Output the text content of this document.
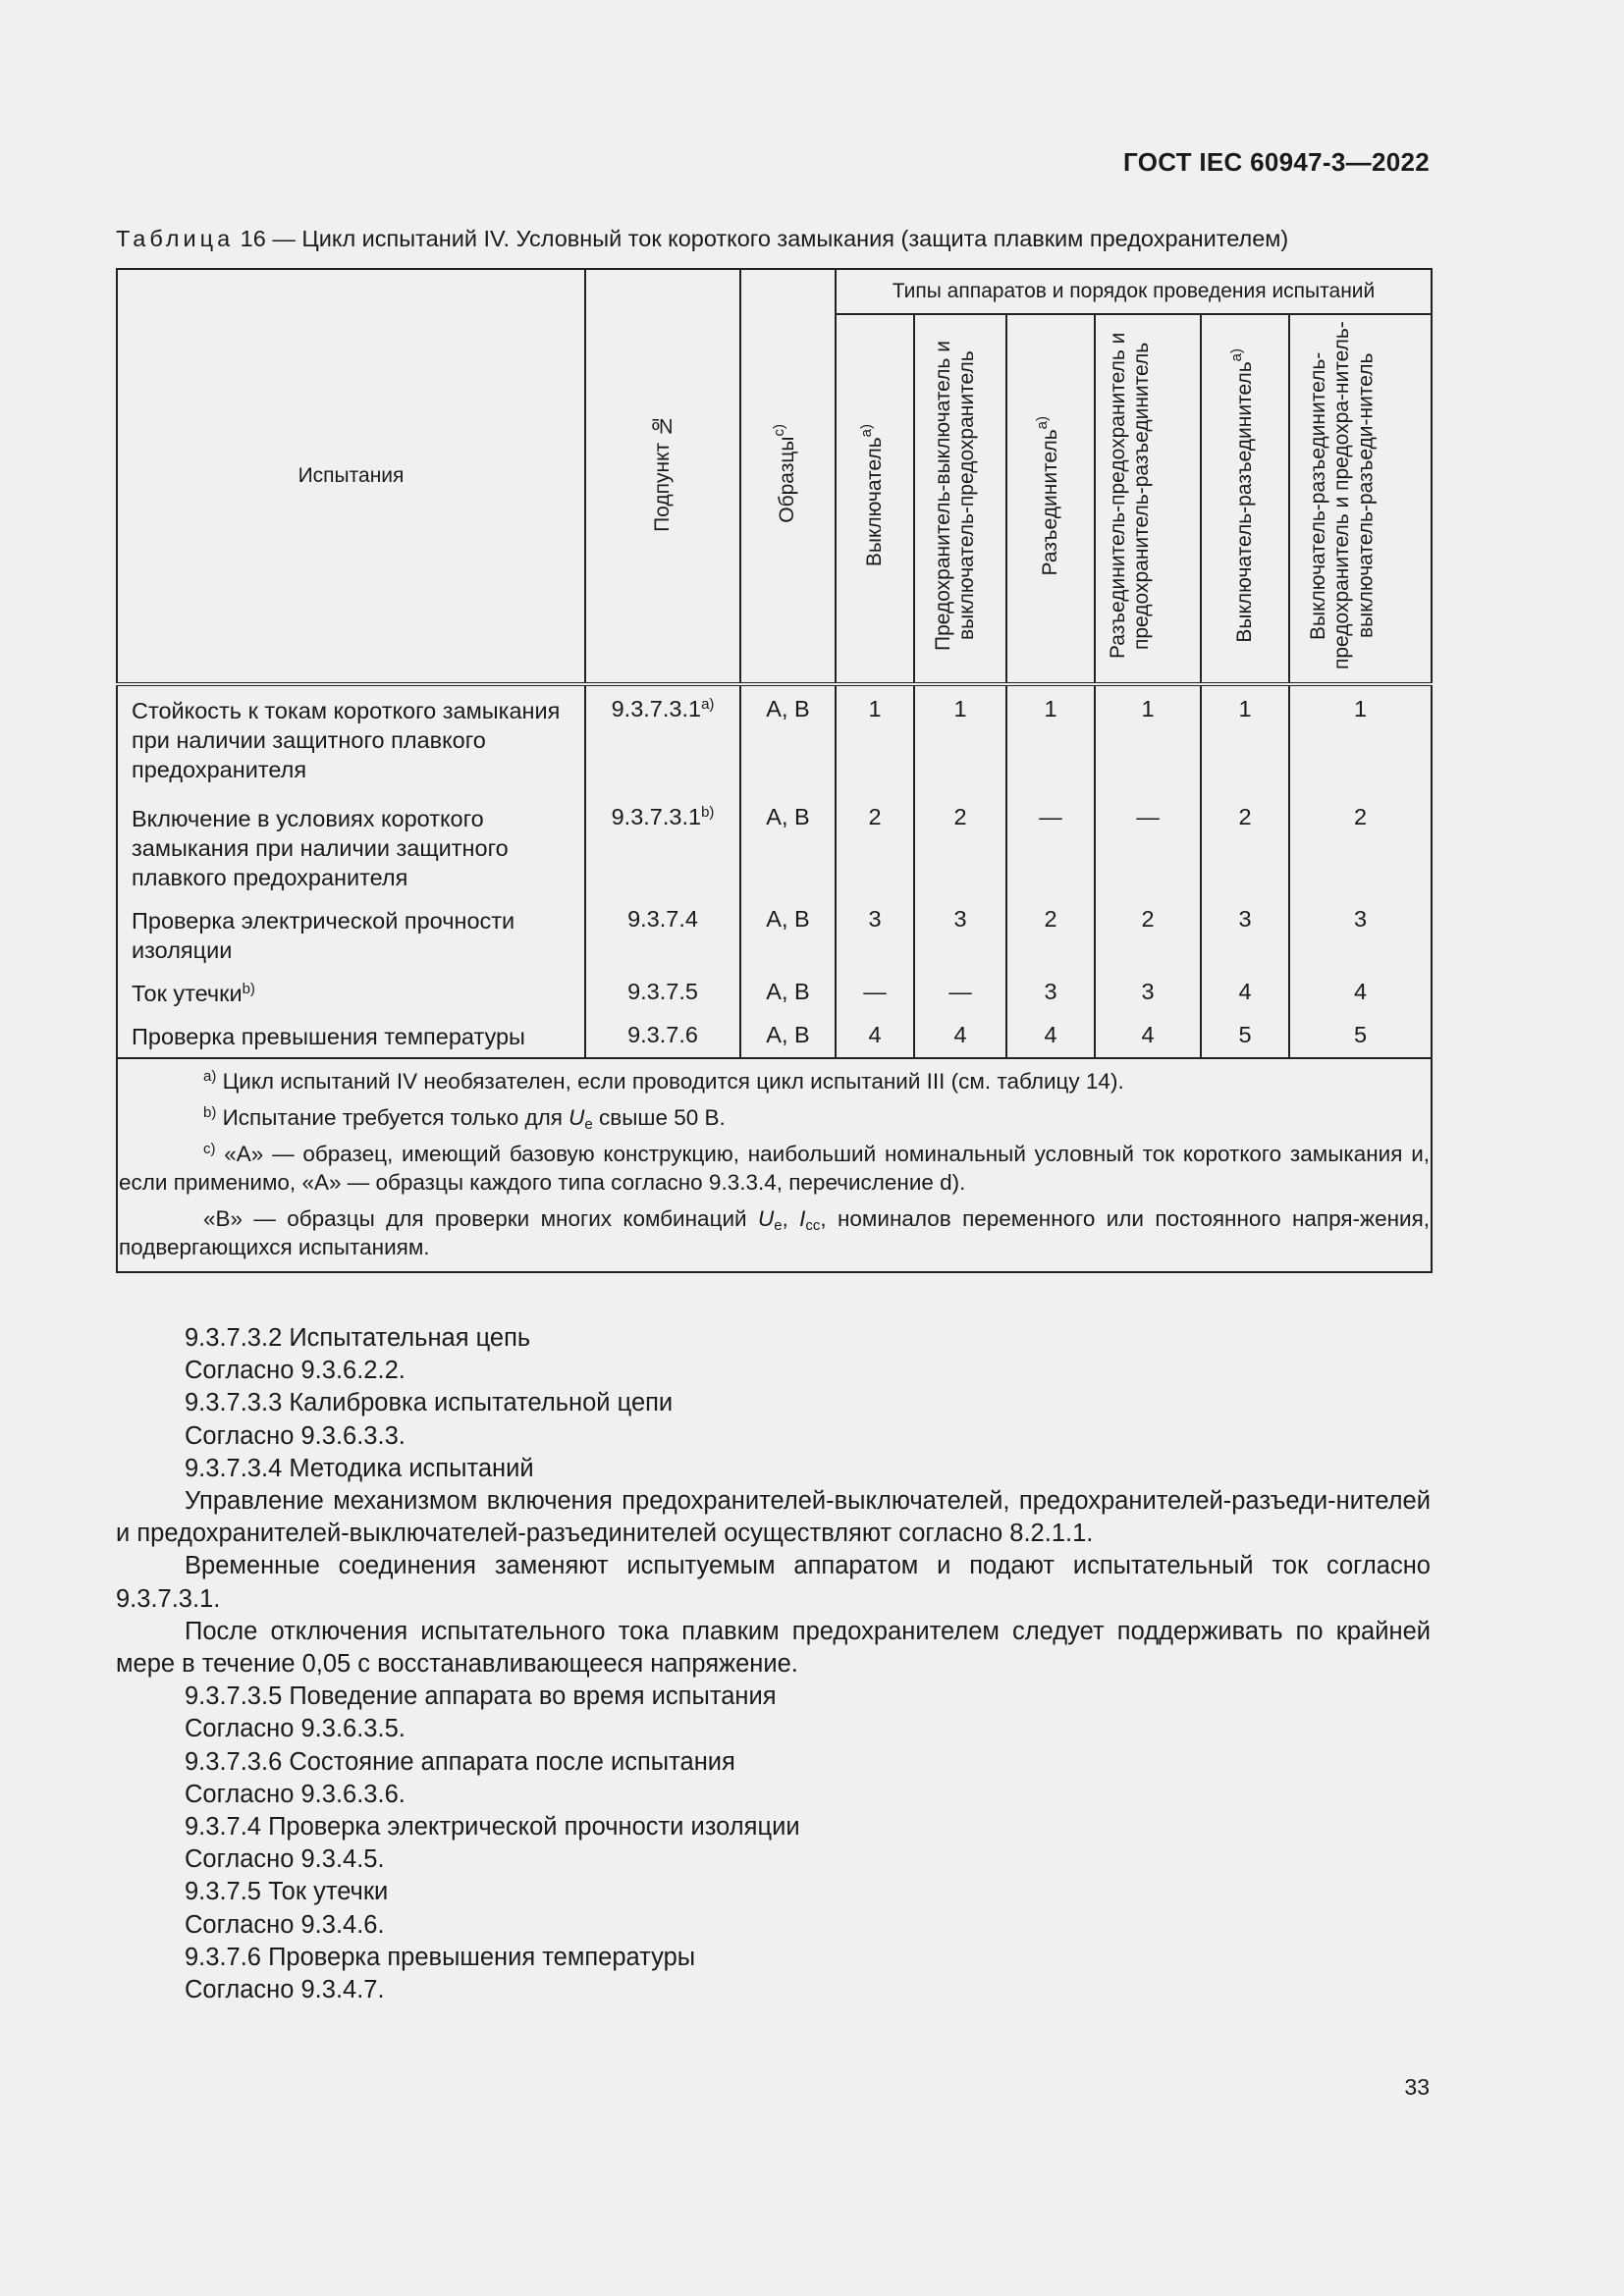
ГОСТ IEC 60947-3—2022
Таблица 16 — Цикл испытаний IV. Условный ток короткого замыкания (защита плавким предохранителем)
Испытания	Подпункт №	Образцы$^{c)}$	Типы аппаратов и порядок проведения испытаний					
			Выключатель$^{a)}$	Предохранитель-выключатель и выключатель-предохранитель	Разъединитель$^{a)}$	Разъединитель-предохранитель и предохранитель-разъединитель	Выключатель-разъединитель$^{a)}$	Выключатель-разъединитель-предохранитель и предохра-нитель-выключатель-разъеди-нитель
Стойкость к токам короткого замыкания при наличии защитного плавкого предохранителя	9.3.7.3.1$^{a)}$	A, B	1	1	1	1	1	1
Включение в условиях короткого замыкания при наличии защитного плавкого предохранителя	9.3.7.3.1$^{b)}$	A, B	2	2	—	—	2	2
Проверка электрической прочности изоляции	9.3.7.4	A, B	3	3	2	2	3	3
Ток утечки$^{b)}$	9.3.7.5	A, B	—	—	3	3	4	4
Проверка превышения температуры	9.3.7.6	A, B	4	4	4	4	5	5

$^{a)}$ Цикл испытаний IV необязателен, если проводится цикл испытаний III (см. таблицу 14).
$^{b)}$ Испытание требуется только для $U_e$ свыше 50 В.
$^{c)}$ «A» — образец, имеющий базовую конструкцию, наибольший номинальный условный ток короткого замыкания и, если применимо, «A» — образцы каждого типа согласно 9.3.3.4, перечисление d).
«B» — образцы для проверки многих комбинаций $U_e$, $I_{cc}$, номиналов переменного или постоянного напря-жения, подвергающихся испытаниям.								

9.3.7.3.2 Испытательная цепь

Согласно 9.3.6.2.2.

9.3.7.3.3 Калибровка испытательной цепи

Согласно 9.3.6.3.3.

9.3.7.3.4 Методика испытаний

Управление механизмом включения предохранителей-выключателей, предохранителей-разъеди-нителей и предохранителей-выключателей-разъединителей осуществляют согласно 8.2.1.1.

Временные соединения заменяют испытуемым аппаратом и подают испытательный ток согласно 9.3.7.3.1.

После отключения испытательного тока плавким предохранителем следует поддерживать по крайней мере в течение 0,05 с восстанавливающееся напряжение.

9.3.7.3.5 Поведение аппарата во время испытания

Согласно 9.3.6.3.5.

9.3.7.3.6 Состояние аппарата после испытания

Согласно 9.3.6.3.6.

9.3.7.4 Проверка электрической прочности изоляции

Согласно 9.3.4.5.

9.3.7.5 Ток утечки

Согласно 9.3.4.6.

9.3.7.6 Проверка превышения температуры

Согласно 9.3.4.7.

33
